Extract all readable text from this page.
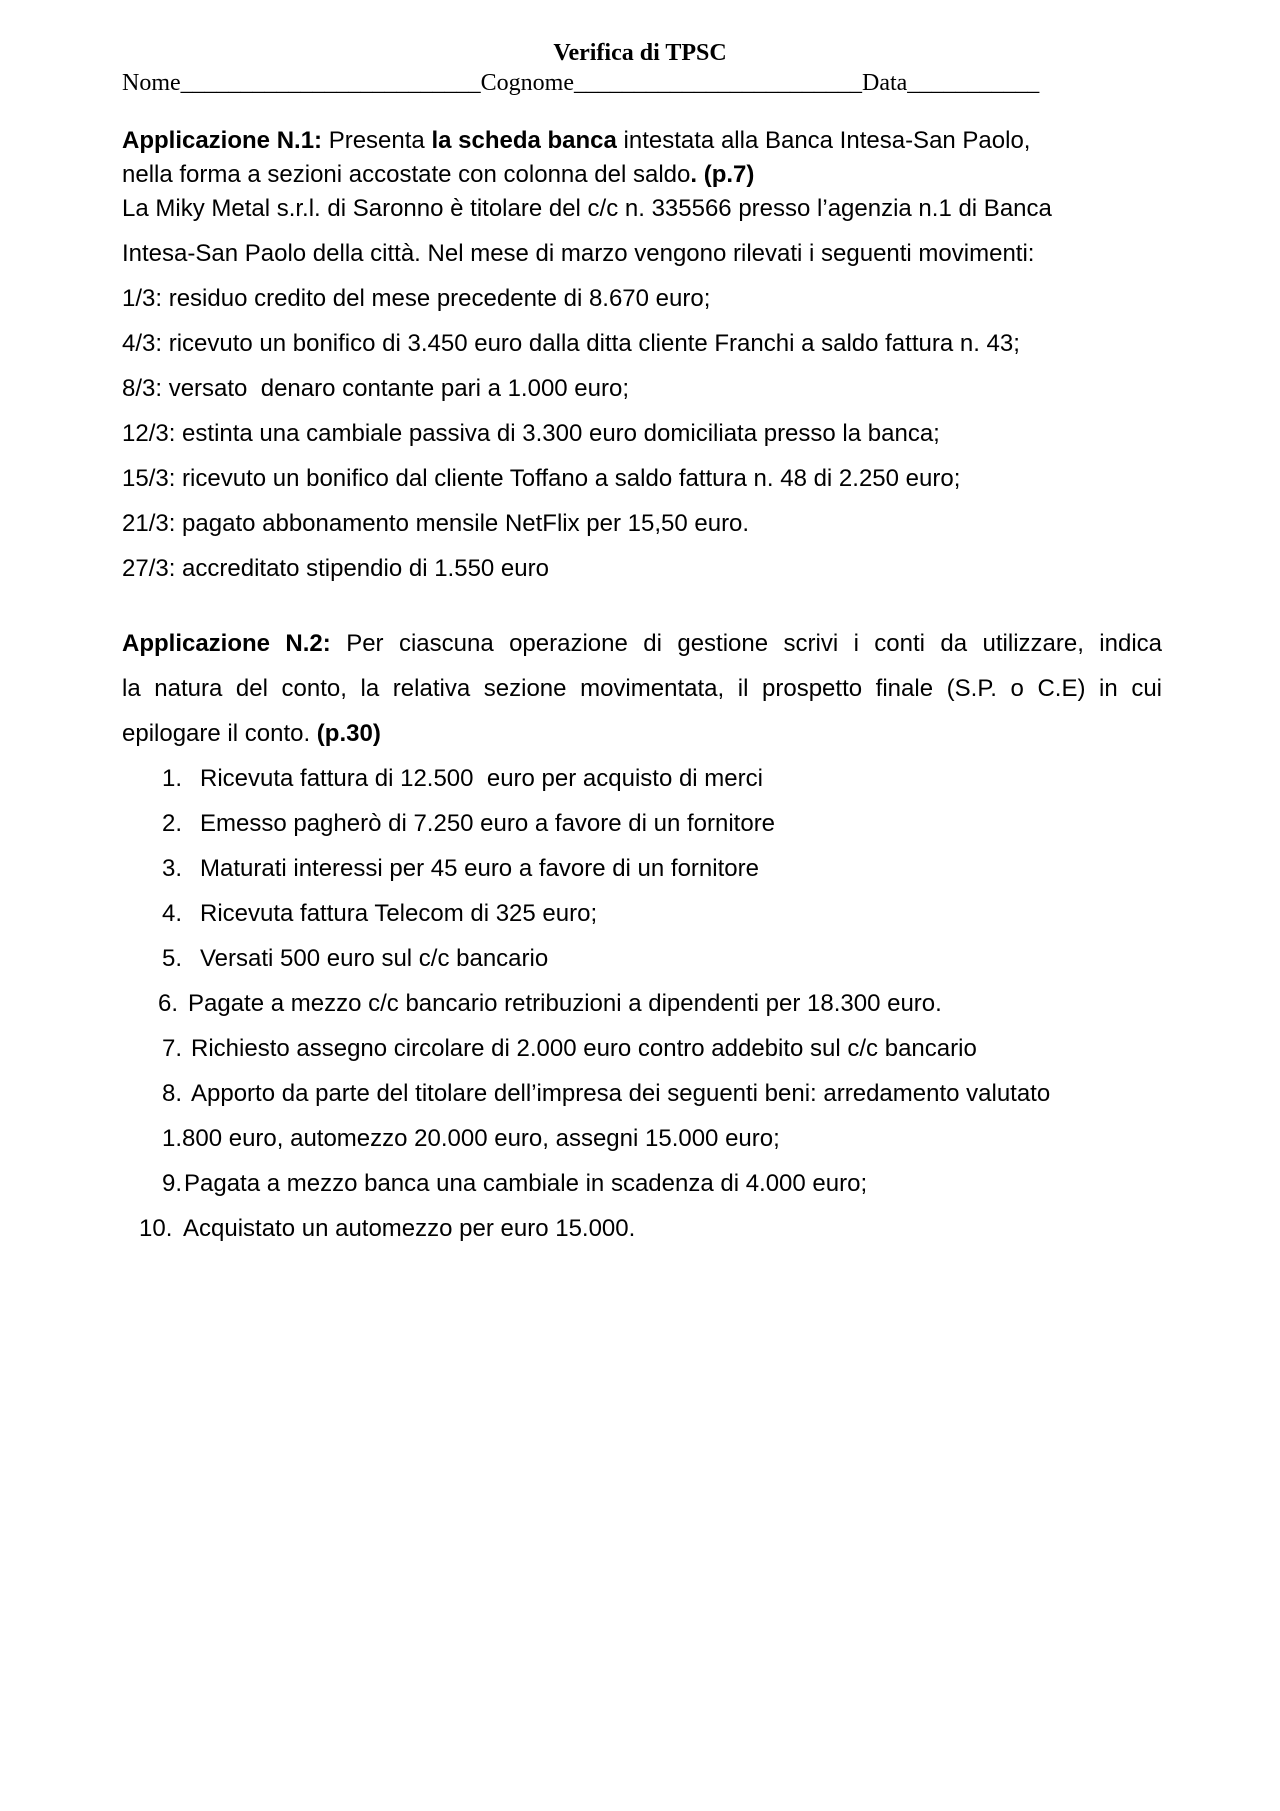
Verifica di TPSC
Nome_________________________Cognome________________________Data___________
Applicazione N.1: Presenta la scheda banca intestata alla Banca Intesa-San Paolo,
nella forma a sezioni accostate con colonna del saldo. (p.7)
La Miky Metal s.r.l. di Saronno è titolare del c/c n. 335566 presso l’agenzia n.1 di Banca
Intesa-San Paolo della città. Nel mese di marzo vengono rilevati i seguenti movimenti:
1/3: residuo credito del mese precedente di 8.670 euro;
4/3: ricevuto un bonifico di 3.450 euro dalla ditta cliente Franchi a saldo fattura n. 43;
8/3: versato  denaro contante pari a 1.000 euro;
12/3: estinta una cambiale passiva di 3.300 euro domiciliata presso la banca;
15/3: ricevuto un bonifico dal cliente Toffano a saldo fattura n. 48 di 2.250 euro;
21/3: pagato abbonamento mensile NetFlix per 15,50 euro.
27/3: accreditato stipendio di 1.550 euro
Applicazione N.2: Per ciascuna operazione di gestione scrivi i conti da utilizzare, indica
la natura del conto, la relativa sezione movimentata, il prospetto finale (S.P. o C.E) in cui
epilogare il conto. (p.30)
1. Ricevuta fattura di 12.500  euro per acquisto di merci
2. Emesso pagherò di 7.250 euro a favore di un fornitore
3. Maturati interessi per 45 euro a favore di un fornitore
4. Ricevuta fattura Telecom di 325 euro;
5. Versati 500 euro sul c/c bancario
6. Pagate a mezzo c/c bancario retribuzioni a dipendenti per 18.300 euro.
7. Richiesto assegno circolare di 2.000 euro contro addebito sul c/c bancario
8. Apporto da parte del titolare dell’impresa dei seguenti beni: arredamento valutato
1.800 euro, automezzo 20.000 euro, assegni 15.000 euro;
9. Pagata a mezzo banca una cambiale in scadenza di 4.000 euro;
10. Acquistato un automezzo per euro 15.000.
